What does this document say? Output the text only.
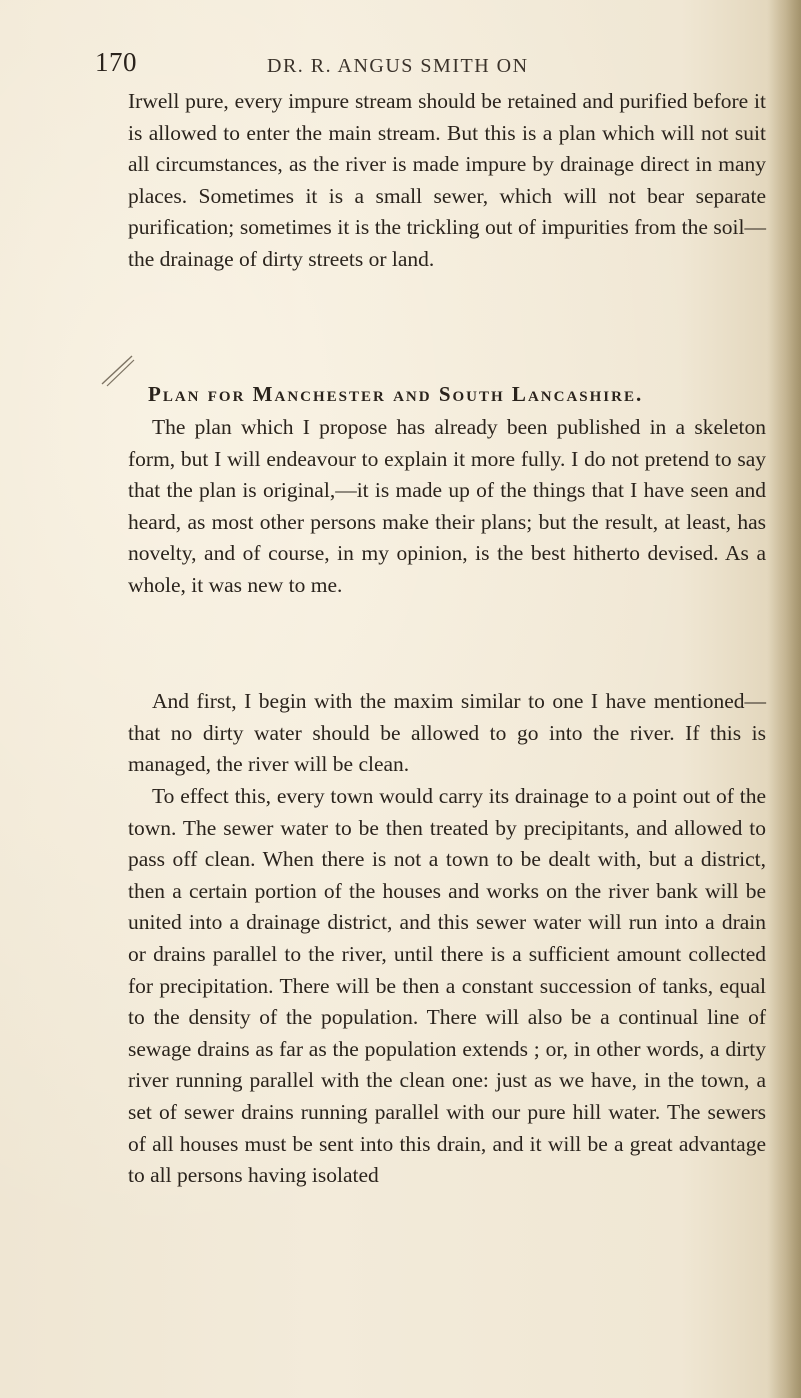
170	DR. R. ANGUS SMITH ON

Irwell pure, every impure stream should be retained and purified before it is allowed to enter the main stream. But this is a plan which will not suit all circumstances, as the river is made impure by drainage direct in many places. Sometimes it is a small sewer, which will not bear separate purification; sometimes it is the trickling out of impurities from the soil—the drainage of dirty streets or land.

Plan for Manchester and South Lancashire.

The plan which I propose has already been published in a skeleton form, but I will endeavour to explain it more fully. I do not pretend to say that the plan is original,—it is made up of the things that I have seen and heard, as most other persons make their plans; but the result, at least, has novelty, and of course, in my opinion, is the best hitherto devised. As a whole, it was new to me.

And first, I begin with the maxim similar to one I have mentioned—that no dirty water should be allowed to go into the river. If this is managed, the river will be clean.

To effect this, every town would carry its drainage to a point out of the town. The sewer water to be then treated by precipitants, and allowed to pass off clean. When there is not a town to be dealt with, but a district, then a certain portion of the houses and works on the river bank will be united into a drainage district, and this sewer water will run into a drain or drains parallel to the river, until there is a sufficient amount collected for precipitation. There will be then a constant succession of tanks, equal to the density of the population. There will also be a continual line of sewage drains as far as the population extends ; or, in other words, a dirty river running parallel with the clean one: just as we have, in the town, a set of sewer drains running parallel with our pure hill water. The sewers of all houses must be sent into this drain, and it will be a great advantage to all persons having isolated
